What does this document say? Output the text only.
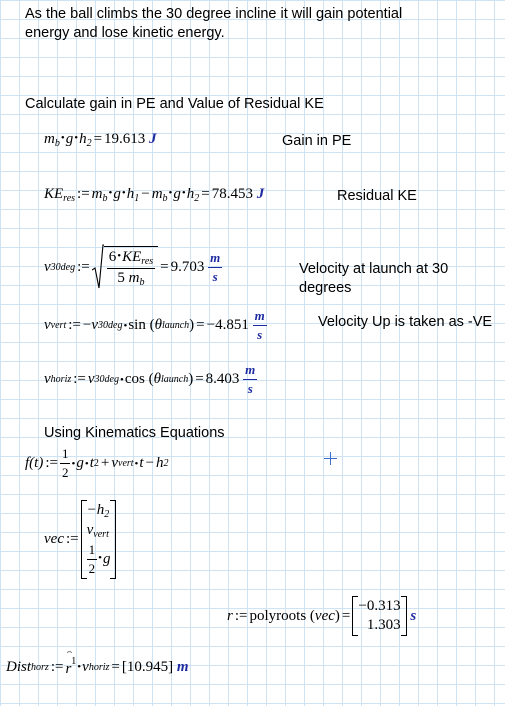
As the ball climbs the 30 degree incline it will gain potential
energy and lose kinetic energy.
Calculate gain in PE and Value of Residual KE
$m_b•g•h_2 = 19.613$ J	Gain in PE
$KE_{res}$ := $m_b•g•h_1$ − $m_b•g•h_2 = 78.453$ J	Residual KE
v 30deg := $\frac{6•KE_{res}}{5 m_b} = 9.703$
$\frac{m}{s}$	Velocity at launch at 30
degrees
v vert := − v 30deg • sin ( θ launch ) = −4.851
$\frac{m}{s}$	Velocity Up is taken as -VE
v horiz := v 30deg • cos ( θ launch ) = 8.403
$\frac{m}{s}$
Using Kinematics Equations
f(t) := $\frac{1}{2}$ • g • t 2 + v vert • t − h 2
vec :=
$-h_2$
$v_{vert}$
$\frac{1}{2}$ •g
r := polyroots ( vec ) =
−0.313
1.303

s
Dist horz := r
⌢
$^1$ • v horiz = [ 10.945 ] m
